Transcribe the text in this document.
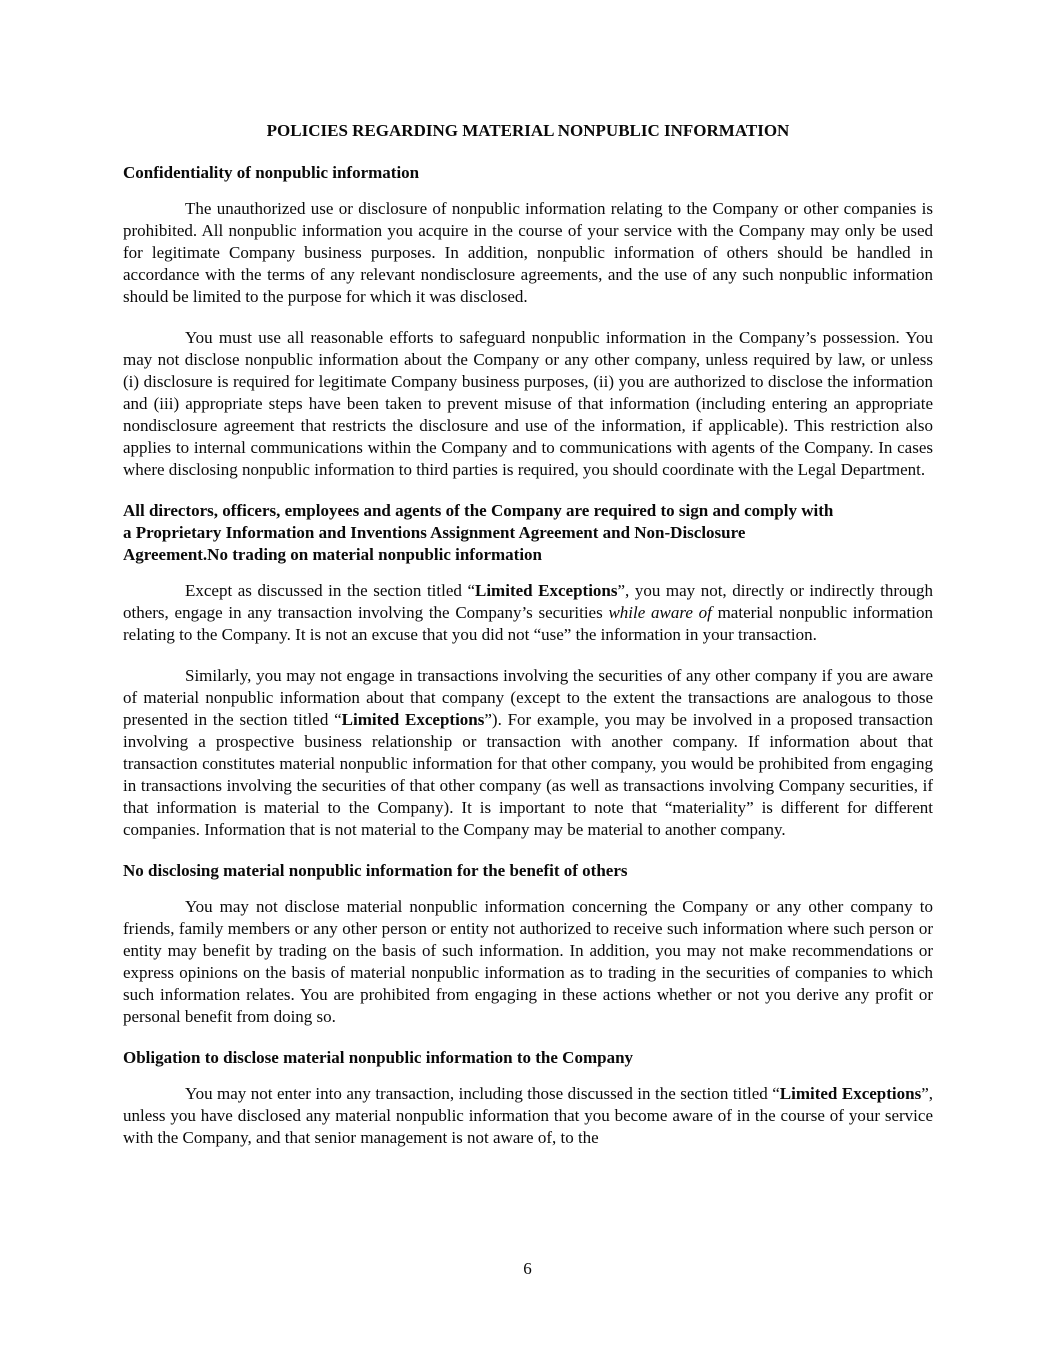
POLICIES REGARDING MATERIAL NONPUBLIC INFORMATION
Confidentiality of nonpublic information

The unauthorized use or disclosure of nonpublic information relating to the Company or other companies is prohibited. All nonpublic information you acquire in the course of your service with the Company may only be used for legitimate Company business purposes. In addition, nonpublic information of others should be handled in accordance with the terms of any relevant nondisclosure agreements, and the use of any such nonpublic information should be limited to the purpose for which it was disclosed.

You must use all reasonable efforts to safeguard nonpublic information in the Company’s possession. You may not disclose nonpublic information about the Company or any other company, unless required by law, or unless (i) disclosure is required for legitimate Company business purposes, (ii) you are authorized to disclose the information and (iii) appropriate steps have been taken to prevent misuse of that information (including entering an appropriate nondisclosure agreement that restricts the disclosure and use of the information, if applicable). This restriction also applies to internal communications within the Company and to communications with agents of the Company. In cases where disclosing nonpublic information to third parties is required, you should coordinate with the Legal Department.

All directors, officers, employees and agents of the Company are required to sign and comply with
a Proprietary Information and Inventions Assignment Agreement and Non-Disclosure
Agreement.No trading on material nonpublic information

Except as discussed in the section titled “Limited Exceptions”, you may not, directly or indirectly through others, engage in any transaction involving the Company’s securities while aware of material nonpublic information relating to the Company. It is not an excuse that you did not “use” the information in your transaction.

Similarly, you may not engage in transactions involving the securities of any other company if you are aware of material nonpublic information about that company (except to the extent the transactions are analogous to those presented in the section titled “Limited Exceptions”). For example, you may be involved in a proposed transaction involving a prospective business relationship or transaction with another company. If information about that transaction constitutes material nonpublic information for that other company, you would be prohibited from engaging in transactions involving the securities of that other company (as well as transactions involving Company securities, if that information is material to the Company). It is important to note that “materiality” is different for different companies. Information that is not material to the Company may be material to another company.

No disclosing material nonpublic information for the benefit of others

You may not disclose material nonpublic information concerning the Company or any other company to friends, family members or any other person or entity not authorized to receive such information where such person or entity may benefit by trading on the basis of such information. In addition, you may not make recommendations or express opinions on the basis of material nonpublic information as to trading in the securities of companies to which such information relates. You are prohibited from engaging in these actions whether or not you derive any profit or personal benefit from doing so.

Obligation to disclose material nonpublic information to the Company

You may not enter into any transaction, including those discussed in the section titled “Limited Exceptions”, unless you have disclosed any material nonpublic information that you become aware of in the course of your service with the Company, and that senior management is not aware of, to the

6
